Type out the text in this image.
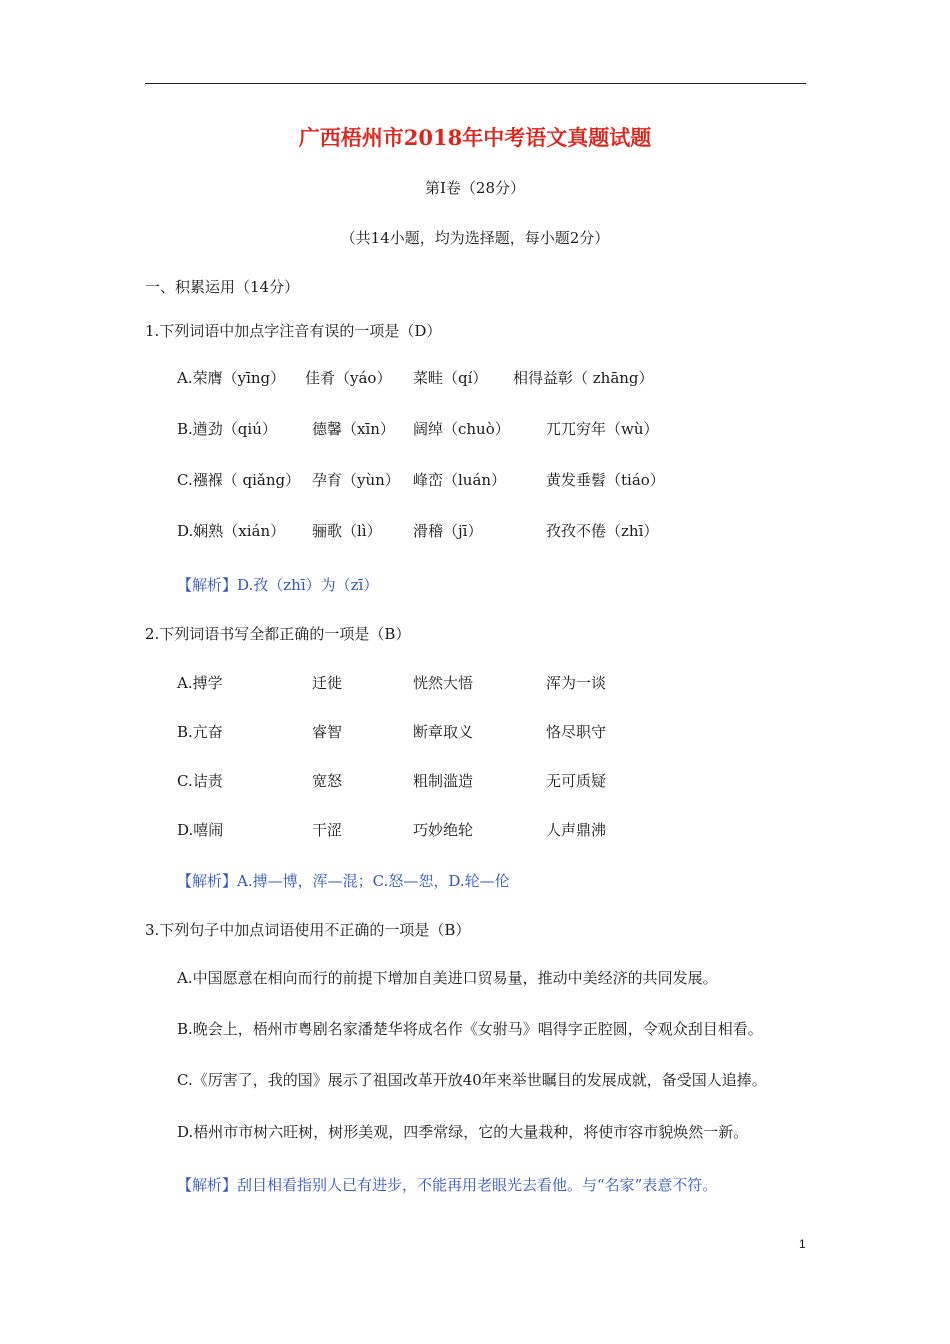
广西梧州市2018年中考语文真题试题
第Ⅰ卷（28分）
（共14小题，均为选择题，每小题2分）
一、积累运用（14分）
1.下列词语中加点字注音有误的一项是（D）
A.荣膺（yīng） 佳肴（yáo） 菜畦（qí） 相得益彰（ zhāng）
B.遒劲（qiú） 德馨（xīn） 阔绰（chuò） 兀兀穷年（wù）
C.襁褓（ qiǎng） 孕育（yùn） 峰峦（luán）	黄发垂髫（tiáo）
D.娴熟（xián） 骊歌（lì） 滑稽（jī）	孜孜不倦（zhī）
【解析】D.孜（zhī）为（zī）
2.下列词语书写全都正确的一项是（B）
A.搏学	迁徙	恍然大悟	浑为一谈
B.亢奋	睿智	断章取义	恪尽职守
C.诘责	宽怒	粗制滥造	无可质疑
D.嘻闹	干涩	巧妙绝轮	人声鼎沸
【解析】A.搏—博，浑—混；C.怒—恕，D.轮—伦
3.下列句子中加点词语使用不正确的一项是（B）
A.中国愿意在相向而行的前提下增加自美进口贸易量，推动中美经济的共同发展。
B.晚会上，梧州市粤剧名家潘楚华将成名作《女驸马》唱得字正腔圆，令观众刮目相看。
C.《厉害了，我的国》展示了祖国改革开放40年来举世瞩目的发展成就，备受国人追捧。
D.梧州市市树六旺树，树形美观，四季常绿，它的大量栽种，将使市容市貌焕然一新。
【解析】刮目相看指别人已有进步，不能再用老眼光去看他。与“名家”表意不符。
1
